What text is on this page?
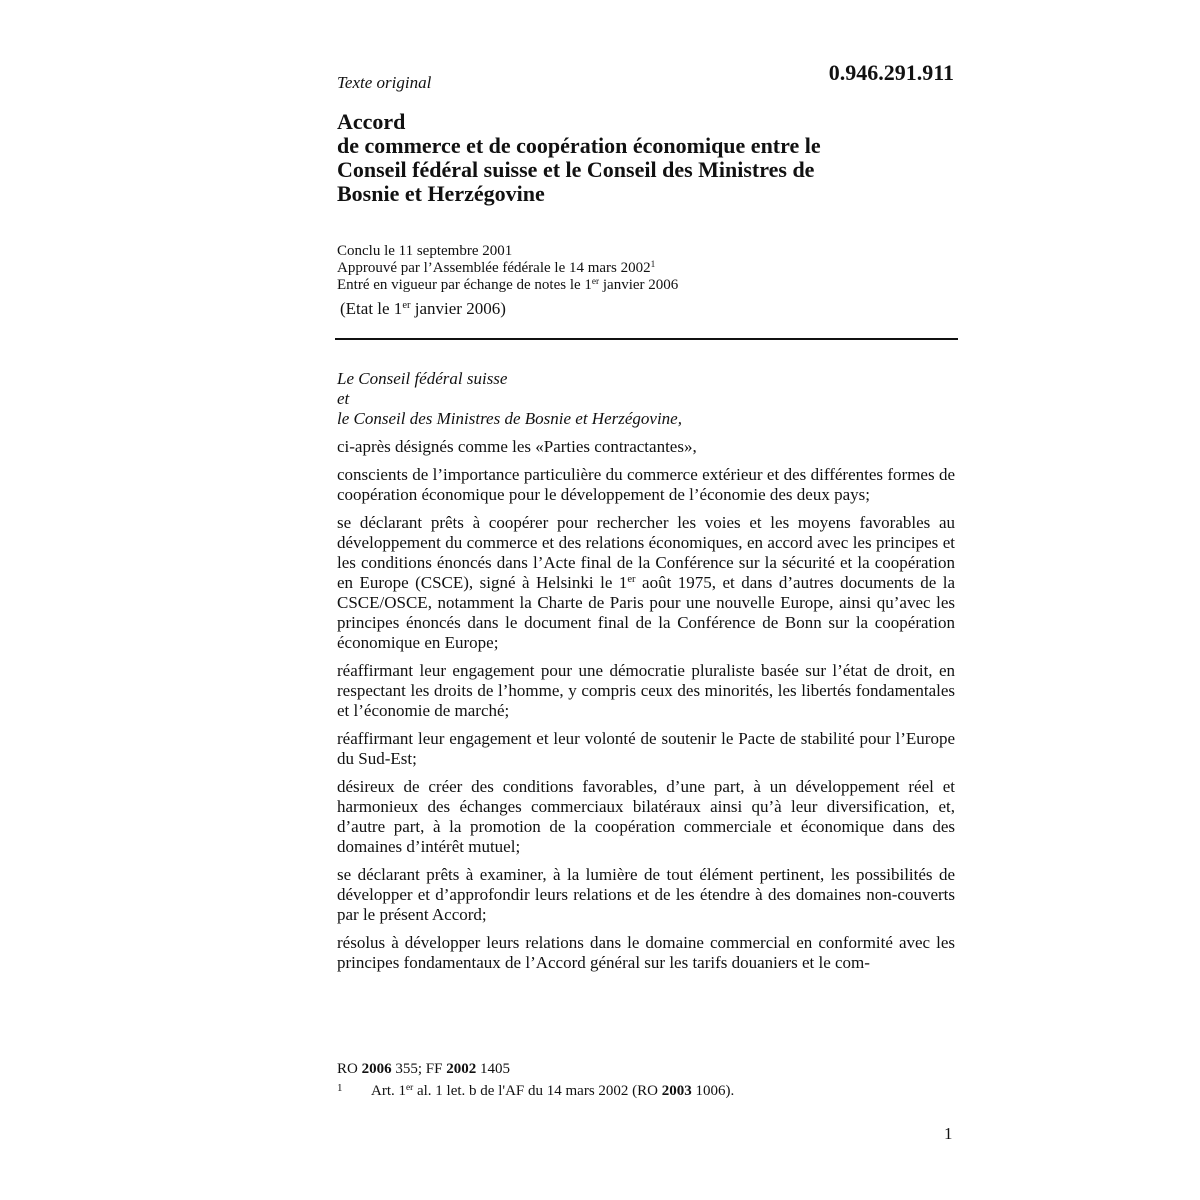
Texte original	0.946.291.911
Accord
de commerce et de coopération économique entre le
Conseil fédéral suisse et le Conseil des Ministres de
Bosnie et Herzégovine
Conclu le 11 septembre 2001
Approuvé par l’Assemblée fédérale le 14 mars 2002$^1$
Entré en vigueur par échange de notes le 1er janvier 2006
(Etat le 1er janvier 2006)
Le Conseil fédéral suisse
et
le Conseil des Ministres de Bosnie et Herzégovine,
ci-après désignés comme les «Parties contractantes»,
conscients de l’importance particulière du commerce extérieur et des différentes formes de coopération économique pour le développement de l’économie des deux pays;
se déclarant prêts à coopérer pour rechercher les voies et les moyens favorables au développement du commerce et des relations économiques, en accord avec les principes et les conditions énoncés dans l’Acte final de la Conférence sur la sécurité et la coopération en Europe (CSCE), signé à Helsinki le 1er août 1975, et dans d’autres documents de la CSCE/OSCE, notamment la Charte de Paris pour une nouvelle Europe, ainsi qu’avec les principes énoncés dans le document final de la Conférence de Bonn sur la coopération économique en Europe;
réaffirmant leur engagement pour une démocratie pluraliste basée sur l’état de droit, en respectant les droits de l’homme, y compris ceux des minorités, les libertés fondamentales et l’économie de marché;
réaffirmant leur engagement et leur volonté de soutenir le Pacte de stabilité pour l’Europe du Sud-Est;
désireux de créer des conditions favorables, d’une part, à un développement réel et harmonieux des échanges commerciaux bilatéraux ainsi qu’à leur diversification, et, d’autre part, à la promotion de la coopération commerciale et économique dans des domaines d’intérêt mutuel;
se déclarant prêts à examiner, à la lumière de tout élément pertinent, les possibilités de développer et d’approfondir leurs relations et de les étendre à des domaines non-couverts par le présent Accord;
résolus à développer leurs relations dans le domaine commercial en conformité avec les principes fondamentaux de l’Accord général sur les tarifs douaniers et le com-
RO 2006 355; FF 2002 1405
1 Art. 1er al. 1 let. b de l'AF du 14 mars 2002 (RO 2003 1006).
1
